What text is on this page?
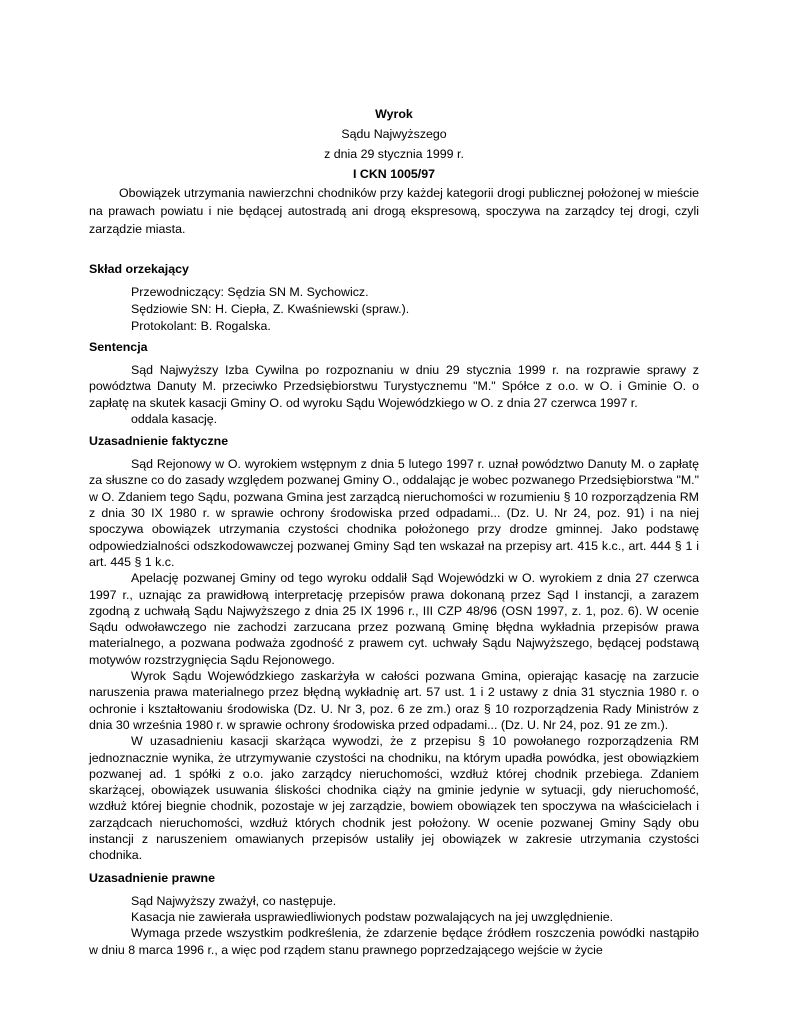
Wyrok

Sądu Najwyższego

z dnia 29 stycznia 1999 r.

I CKN 1005/97

Obowiązek utrzymania nawierzchni chodników przy każdej kategorii drogi publicznej położonej w mieście na prawach powiatu i nie będącej autostradą ani drogą ekspresową, spoczywa na zarządcy tej drogi, czyli zarządzie miasta.

Skład orzekający

Przewodniczący: Sędzia SN M. Sychowicz.

Sędziowie SN: H. Ciepła, Z. Kwaśniewski (spraw.).

Protokolant: B. Rogalska.

Sentencja

Sąd Najwyższy Izba Cywilna po rozpoznaniu w dniu 29 stycznia 1999 r. na rozprawie sprawy z powództwa Danuty M. przeciwko Przedsiębiorstwu Turystycznemu "M." Spółce z o.o. w O. i Gminie O. o zapłatę na skutek kasacji Gminy O. od wyroku Sądu Wojewódzkiego w O. z dnia 27 czerwca 1997 r.

oddala kasację.

Uzasadnienie faktyczne

Sąd Rejonowy w O. wyrokiem wstępnym z dnia 5 lutego 1997 r. uznał powództwo Danuty M. o zapłatę za słuszne co do zasady względem pozwanej Gminy O., oddalając je wobec pozwanego Przedsiębiorstwa "M." w O. Zdaniem tego Sądu, pozwana Gmina jest zarządcą nieruchomości w rozumieniu § 10 rozporządzenia RM z dnia 30 IX 1980 r. w sprawie ochrony środowiska przed odpadami... (Dz. U. Nr 24, poz. 91) i na niej spoczywa obowiązek utrzymania czystości chodnika położonego przy drodze gminnej. Jako podstawę odpowiedzialności odszkodowawczej pozwanej Gminy Sąd ten wskazał na przepisy art. 415 k.c., art. 444 § 1 i art. 445 § 1 k.c.

Apelację pozwanej Gminy od tego wyroku oddalił Sąd Wojewódzki w O. wyrokiem z dnia 27 czerwca 1997 r., uznając za prawidłową interpretację przepisów prawa dokonaną przez Sąd I instancji, a zarazem zgodną z uchwałą Sądu Najwyższego z dnia 25 IX 1996 r., III CZP 48/96 (OSN 1997, z. 1, poz. 6). W ocenie Sądu odwoławczego nie zachodzi zarzucana przez pozwaną Gminę błędna wykładnia przepisów prawa materialnego, a pozwana podważa zgodność z prawem cyt. uchwały Sądu Najwyższego, będącej podstawą motywów rozstrzygnięcia Sądu Rejonowego.

Wyrok Sądu Wojewódzkiego zaskarżyła w całości pozwana Gmina, opierając kasację na zarzucie naruszenia prawa materialnego przez błędną wykładnię art. 57 ust. 1 i 2 ustawy z dnia 31 stycznia 1980 r. o ochronie i kształtowaniu środowiska (Dz. U. Nr 3, poz. 6 ze zm.) oraz § 10 rozporządzenia Rady Ministrów z dnia 30 września 1980 r. w sprawie ochrony środowiska przed odpadami... (Dz. U. Nr 24, poz. 91 ze zm.).

W uzasadnieniu kasacji skarżąca wywodzi, że z przepisu § 10 powołanego rozporządzenia RM jednoznacznie wynika, że utrzymywanie czystości na chodniku, na którym upadła powódka, jest obowiązkiem pozwanej ad. 1 spółki z o.o. jako zarządcy nieruchomości, wzdłuż której chodnik przebiega. Zdaniem skarżącej, obowiązek usuwania śliskości chodnika ciąży na gminie jedynie w sytuacji, gdy nieruchomość, wzdłuż której biegnie chodnik, pozostaje w jej zarządzie, bowiem obowiązek ten spoczywa na właścicielach i zarządcach nieruchomości, wzdłuż których chodnik jest położony. W ocenie pozwanej Gminy Sądy obu instancji z naruszeniem omawianych przepisów ustaliły jej obowiązek w zakresie utrzymania czystości chodnika.

Uzasadnienie prawne

Sąd Najwyższy zważył, co następuje.

Kasacja nie zawierała usprawiedliwionych podstaw pozwalających na jej uwzględnienie.

Wymaga przede wszystkim podkreślenia, że zdarzenie będące źródłem roszczenia powódki nastąpiło w dniu 8 marca 1996 r., a więc pod rządem stanu prawnego poprzedzającego wejście w życie
